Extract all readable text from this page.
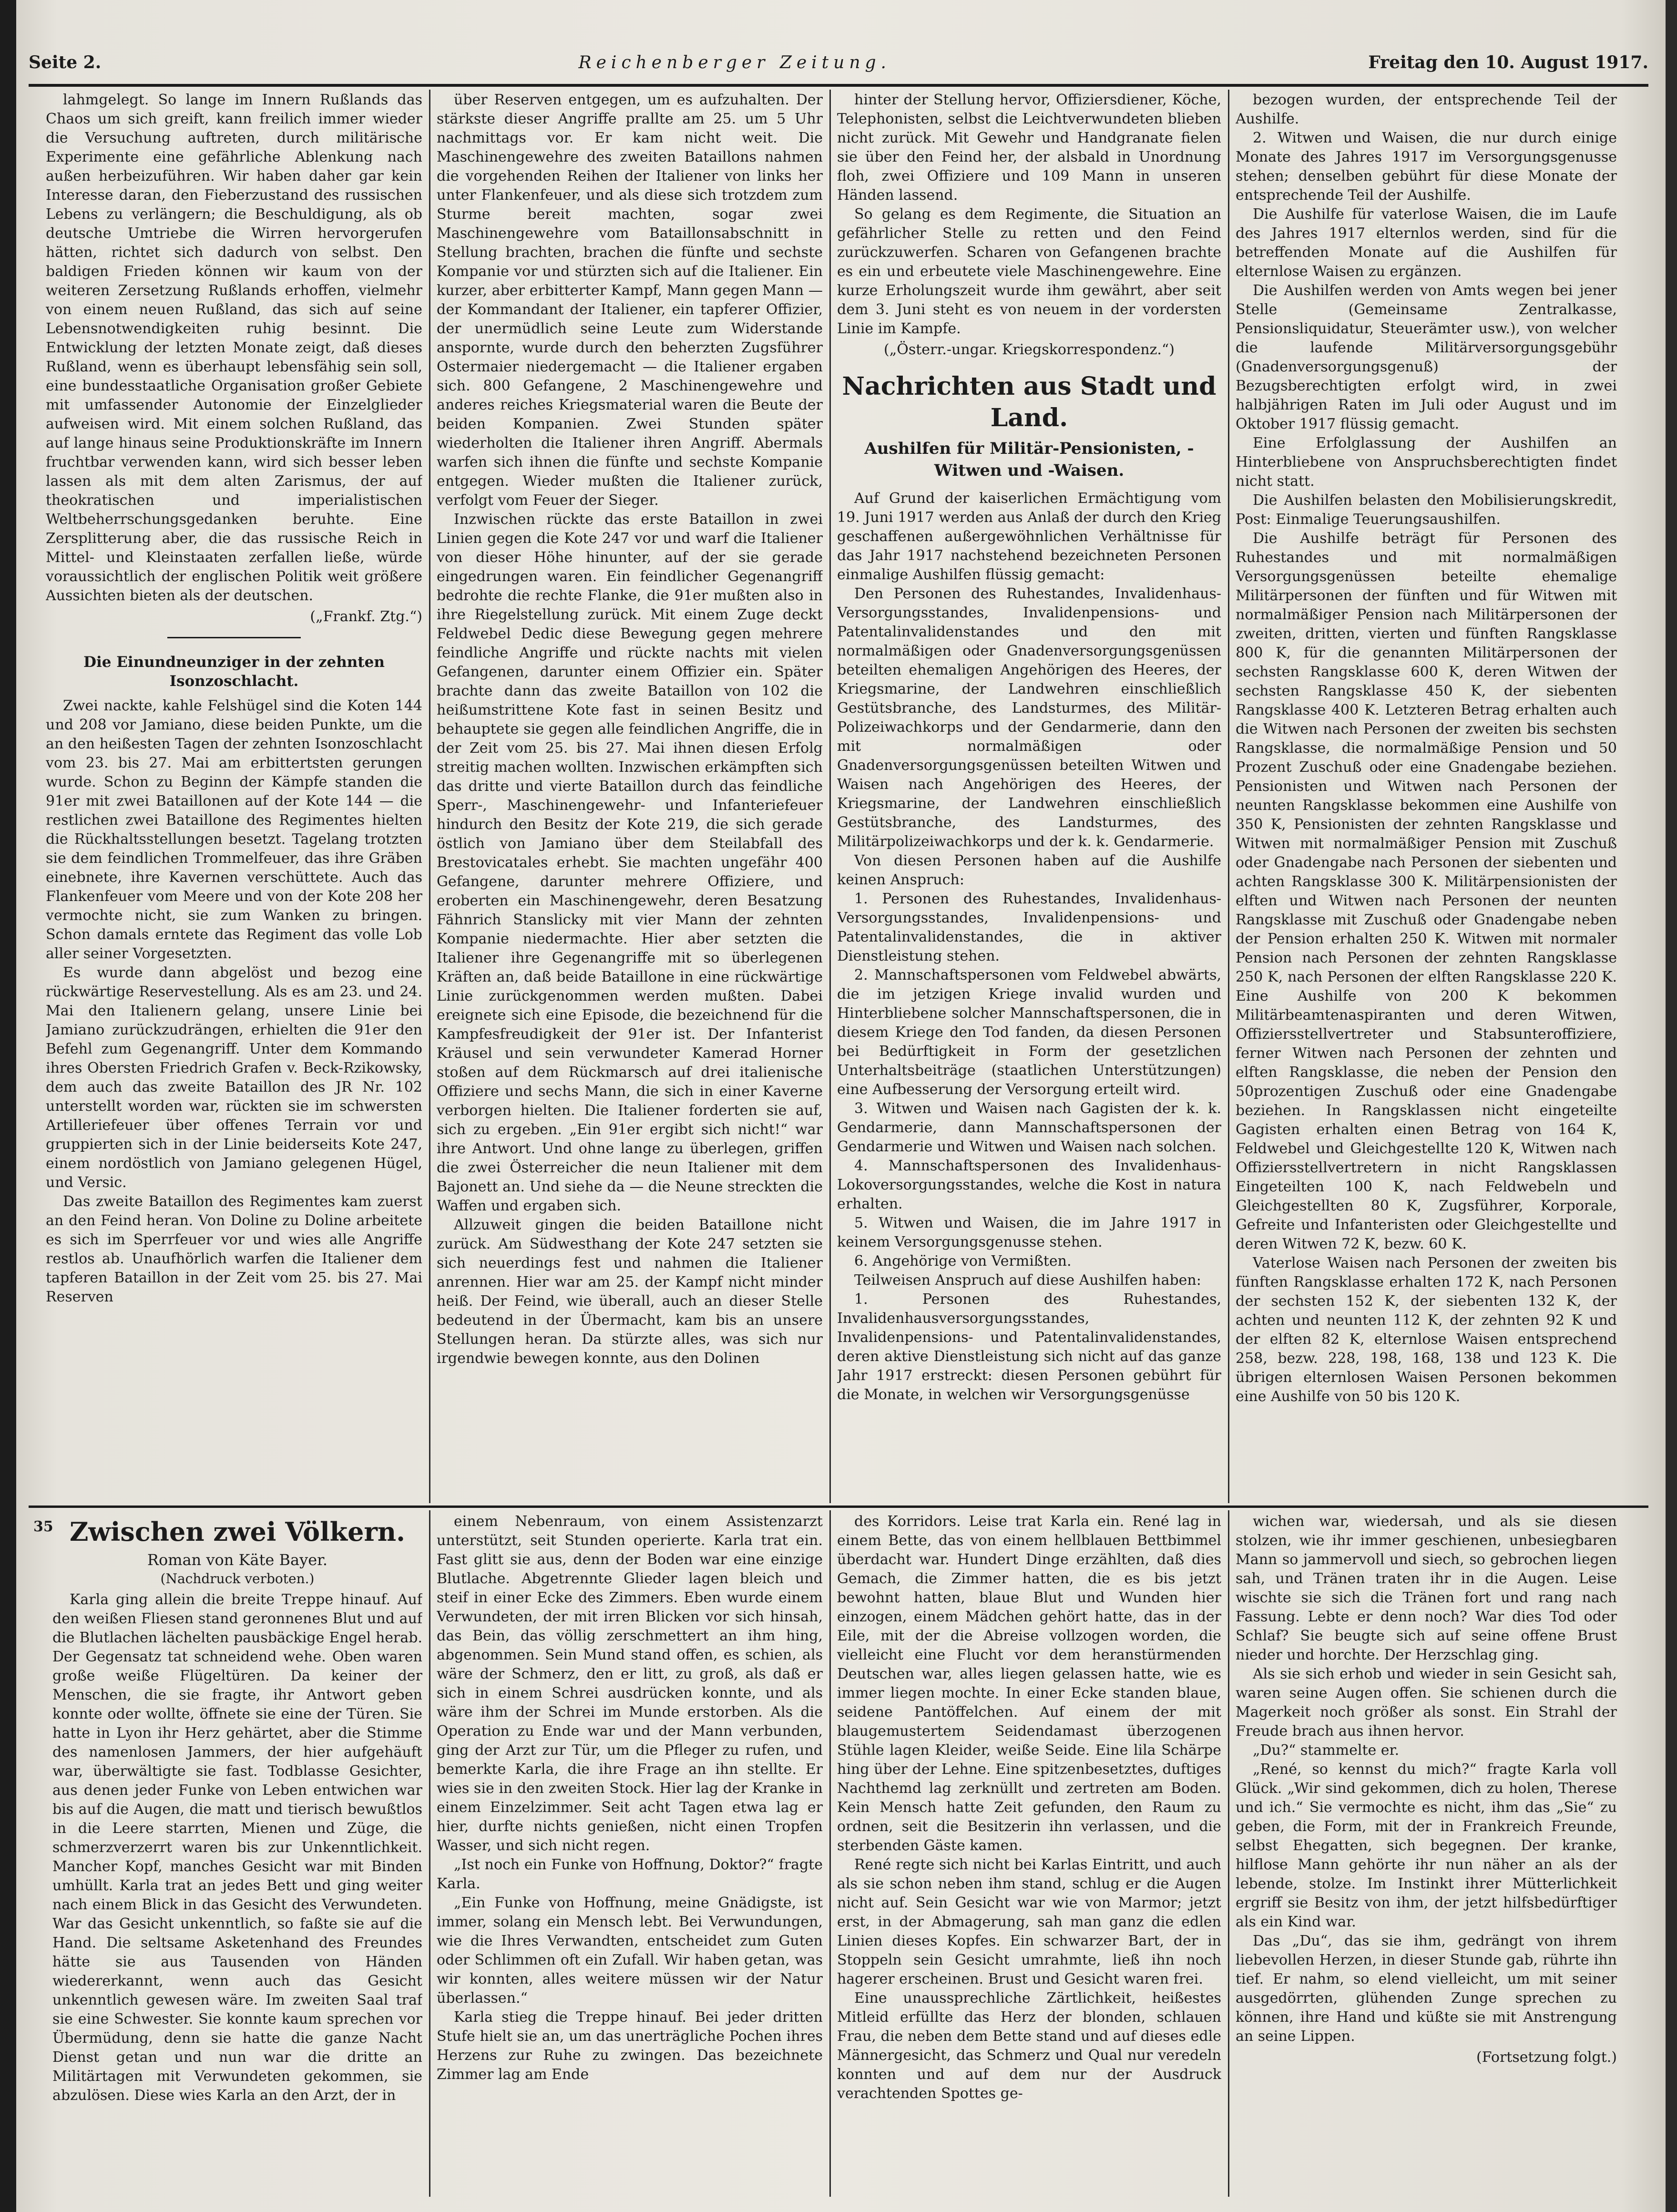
Seite 2.	Reichenberger Zeitung.	Freitag den 10. August 1917.

lahmgelegt. So lange im Innern Rußlands das Chaos um sich greift, kann freilich immer wieder die Versuchung auftreten, durch militärische Experimente eine gefährliche Ablenkung nach außen herbeizuführen. Wir haben daher gar kein Interesse daran, den Fieberzustand des russischen Lebens zu verlängern; die Beschuldigung, als ob deutsche Umtriebe die Wirren hervorgerufen hätten, richtet sich dadurch von selbst. Den baldigen Frieden können wir kaum von der weiteren Zersetzung Rußlands erhoffen, vielmehr von einem neuen Rußland, das sich auf seine Lebensnotwendigkeiten ruhig besinnt. Die Entwicklung der letzten Monate zeigt, daß dieses Rußland, wenn es überhaupt lebensfähig sein soll, eine bundesstaatliche Organisation großer Gebiete mit umfassender Autonomie der Einzelglieder aufweisen wird. Mit einem solchen Rußland, das auf lange hinaus seine Produktionskräfte im Innern fruchtbar verwenden kann, wird sich besser leben lassen als mit dem alten Zarismus, der auf theokratischen und imperialistischen Weltbeherrschungsgedanken beruhte. Eine Zersplitterung aber, die das russische Reich in Mittel- und Kleinstaaten zerfallen ließe, würde voraussichtlich der englischen Politik weit größere Aussichten bieten als der deutschen.

(„Frankf. Ztg.“)

Die Einundneunziger in der zehnten Isonzoschlacht.

Zwei nackte, kahle Felshügel sind die Koten 144 und 208 vor Jamiano, diese beiden Punkte, um die an den heißesten Tagen der zehnten Isonzoschlacht vom 23. bis 27. Mai am erbittertsten gerungen wurde. Schon zu Beginn der Kämpfe standen die 91er mit zwei Bataillonen auf der Kote 144 — die restlichen zwei Bataillone des Regimentes hielten die Rückhaltsstellungen besetzt. Tagelang trotzten sie dem feindlichen Trommelfeuer, das ihre Gräben einebnete, ihre Kavernen verschüttete. Auch das Flankenfeuer vom Meere und von der Kote 208 her vermochte nicht, sie zum Wanken zu bringen. Schon damals erntete das Regiment das volle Lob aller seiner Vorgesetzten.

Es wurde dann abgelöst und bezog eine rückwärtige Reservestellung. Als es am 23. und 24. Mai den Italienern gelang, unsere Linie bei Jamiano zurückzudrängen, erhielten die 91er den Befehl zum Gegenangriff. Unter dem Kommando ihres Obersten Friedrich Grafen v. Beck-Rzikowsky, dem auch das zweite Bataillon des JR Nr. 102 unterstellt worden war, rückten sie im schwersten Artilleriefeuer über offenes Terrain vor und gruppierten sich in der Linie beiderseits Kote 247, einem nordöstlich von Jamiano gelegenen Hügel, und Versic.

Das zweite Bataillon des Regimentes kam zuerst an den Feind heran. Von Doline zu Doline arbeitete es sich im Sperrfeuer vor und wies alle Angriffe restlos ab. Unaufhörlich warfen die Italiener dem tapferen Bataillon in der Zeit vom 25. bis 27. Mai Reserven

über Reserven entgegen, um es aufzuhalten. Der stärkste dieser Angriffe prallte am 25. um 5 Uhr nachmittags vor. Er kam nicht weit. Die Maschinengewehre des zweiten Bataillons nahmen die vorgehenden Reihen der Italiener von links her unter Flankenfeuer, und als diese sich trotzdem zum Sturme bereit machten, sogar zwei Maschinengewehre vom Bataillonsabschnitt in Stellung brachten, brachen die fünfte und sechste Kompanie vor und stürzten sich auf die Italiener. Ein kurzer, aber erbitterter Kampf, Mann gegen Mann — der Kommandant der Italiener, ein tapferer Offizier, der unermüdlich seine Leute zum Widerstande anspornte, wurde durch den beherzten Zugsführer Ostermaier niedergemacht — die Italiener ergaben sich. 800 Gefangene, 2 Maschinengewehre und anderes reiches Kriegsmaterial waren die Beute der beiden Kompanien. Zwei Stunden später wiederholten die Italiener ihren Angriff. Abermals warfen sich ihnen die fünfte und sechste Kompanie entgegen. Wieder mußten die Italiener zurück, verfolgt vom Feuer der Sieger.

Inzwischen rückte das erste Bataillon in zwei Linien gegen die Kote 247 vor und warf die Italiener von dieser Höhe hinunter, auf der sie gerade eingedrungen waren. Ein feindlicher Gegenangriff bedrohte die rechte Flanke, die 91er mußten also in ihre Riegelstellung zurück. Mit einem Zuge deckt Feldwebel Dedic diese Bewegung gegen mehrere feindliche Angriffe und rückte nachts mit vielen Gefangenen, darunter einem Offizier ein. Später brachte dann das zweite Bataillon von 102 die heißumstrittene Kote fast in seinen Besitz und behauptete sie gegen alle feindlichen Angriffe, die in der Zeit vom 25. bis 27. Mai ihnen diesen Erfolg streitig machen wollten. Inzwischen erkämpften sich das dritte und vierte Bataillon durch das feindliche Sperr-, Maschinengewehr- und Infanteriefeuer hindurch den Besitz der Kote 219, die sich gerade östlich von Jamiano über dem Steilabfall des Brestovicatales erhebt. Sie machten ungefähr 400 Gefangene, darunter mehrere Offiziere, und eroberten ein Maschinengewehr, deren Besatzung Fähnrich Stanslicky mit vier Mann der zehnten Kompanie niedermachte. Hier aber setzten die Italiener ihre Gegenangriffe mit so überlegenen Kräften an, daß beide Bataillone in eine rückwärtige Linie zurückgenommen werden mußten. Dabei ereignete sich eine Episode, die bezeichnend für die Kampfesfreudigkeit der 91er ist. Der Infanterist Kräusel und sein verwundeter Kamerad Horner stoßen auf dem Rückmarsch auf drei italienische Offiziere und sechs Mann, die sich in einer Kaverne verborgen hielten. Die Italiener forderten sie auf, sich zu ergeben. „Ein 91er ergibt sich nicht!“ war ihre Antwort. Und ohne lange zu überlegen, griffen die zwei Österreicher die neun Italiener mit dem Bajonett an. Und siehe da — die Neune streckten die Waffen und ergaben sich.

Allzuweit gingen die beiden Bataillone nicht zurück. Am Südwesthang der Kote 247 setzten sie sich neuerdings fest und nahmen die Italiener anrennen. Hier war am 25. der Kampf nicht minder heiß. Der Feind, wie überall, auch an dieser Stelle bedeutend in der Übermacht, kam bis an unsere Stellungen heran. Da stürzte alles, was sich nur irgendwie bewegen konnte, aus den Dolinen

hinter der Stellung hervor, Offiziersdiener, Köche, Telephonisten, selbst die Leichtverwundeten blieben nicht zurück. Mit Gewehr und Handgranate fielen sie über den Feind her, der alsbald in Unordnung floh, zwei Offiziere und 109 Mann in unseren Händen lassend.

So gelang es dem Regimente, die Situation an gefährlicher Stelle zu retten und den Feind zurückzuwerfen. Scharen von Gefangenen brachte es ein und erbeutete viele Maschinengewehre. Eine kurze Erholungszeit wurde ihm gewährt, aber seit dem 3. Juni steht es von neuem in der vordersten Linie im Kampfe.

(„Österr.-ungar. Kriegskorrespondenz.“)

Nachrichten aus Stadt und Land.

Aushilfen für Militär-Pensionisten, -Witwen und -Waisen.

Auf Grund der kaiserlichen Ermächtigung vom 19. Juni 1917 werden aus Anlaß der durch den Krieg geschaffenen außergewöhnlichen Verhältnisse für das Jahr 1917 nachstehend bezeichneten Personen einmalige Aushilfen flüssig gemacht:

Den Personen des Ruhestandes, Invalidenhaus-Versorgungsstandes, Invalidenpensions- und Patentalinvalidenstandes und den mit normalmäßigen oder Gnadenversorgungsgenüssen beteilten ehemaligen Angehörigen des Heeres, der Kriegsmarine, der Landwehren einschließlich Gestütsbranche, des Landsturmes, des Militär-Polizeiwachkorps und der Gendarmerie, dann den mit normalmäßigen oder Gnadenversorgungsgenüssen beteilten Witwen und Waisen nach Angehörigen des Heeres, der Kriegsmarine, der Landwehren einschließlich Gestütsbranche, des Landsturmes, des Militärpolizeiwachkorps und der k. k. Gendarmerie.

Von diesen Personen haben auf die Aushilfe keinen Anspruch:

1. Personen des Ruhestandes, Invalidenhaus-Versorgungsstandes, Invalidenpensions- und Patentalinvalidenstandes, die in aktiver Dienstleistung stehen.

2. Mannschaftspersonen vom Feldwebel abwärts, die im jetzigen Kriege invalid wurden und Hinterbliebene solcher Mannschaftspersonen, die in diesem Kriege den Tod fanden, da diesen Personen bei Bedürftigkeit in Form der gesetzlichen Unterhaltsbeiträge (staatlichen Unterstützungen) eine Aufbesserung der Versorgung erteilt wird.

3. Witwen und Waisen nach Gagisten der k. k. Gendarmerie, dann Mannschaftspersonen der Gendarmerie und Witwen und Waisen nach solchen.

4. Mannschaftspersonen des Invalidenhaus-Lokoversorgungsstandes, welche die Kost in natura erhalten.

5. Witwen und Waisen, die im Jahre 1917 in keinem Versorgungsgenusse stehen.

6. Angehörige von Vermißten.

Teilweisen Anspruch auf diese Aushilfen haben:

1. Personen des Ruhestandes, Invalidenhausversorgungsstandes, Invalidenpensions- und Patentalinvalidenstandes, deren aktive Dienstleistung sich nicht auf das ganze Jahr 1917 erstreckt: diesen Personen gebührt für die Monate, in welchen wir Versorgungsgenüsse

bezogen wurden, der entsprechende Teil der Aushilfe.

2. Witwen und Waisen, die nur durch einige Monate des Jahres 1917 im Versorgungsgenusse stehen; denselben gebührt für diese Monate der entsprechende Teil der Aushilfe.

Die Aushilfe für vaterlose Waisen, die im Laufe des Jahres 1917 elternlos werden, sind für die betreffenden Monate auf die Aushilfen für elternlose Waisen zu ergänzen.

Die Aushilfen werden von Amts wegen bei jener Stelle (Gemeinsame Zentralkasse, Pensionsliquidatur, Steuerämter usw.), von welcher die laufende Militärversorgungsgebühr (Gnadenversorgungsgenuß) der Bezugsberechtigten erfolgt wird, in zwei halbjährigen Raten im Juli oder August und im Oktober 1917 flüssig gemacht.

Eine Erfolglassung der Aushilfen an Hinterbliebene von Anspruchsberechtigten findet nicht statt.

Die Aushilfen belasten den Mobilisierungskredit, Post: Einmalige Teuerungsaushilfen.

Die Aushilfe beträgt für Personen des Ruhestandes und mit normalmäßigen Versorgungsgenüssen beteilte ehemalige Militärpersonen der fünften und für Witwen mit normalmäßiger Pension nach Militärpersonen der zweiten, dritten, vierten und fünften Rangsklasse 800 K, für die genannten Militärpersonen der sechsten Rangsklasse 600 K, deren Witwen der sechsten Rangsklasse 450 K, der siebenten Rangsklasse 400 K. Letzteren Betrag erhalten auch die Witwen nach Personen der zweiten bis sechsten Rangsklasse, die normalmäßige Pension und 50 Prozent Zuschuß oder eine Gnadengabe beziehen. Pensionisten und Witwen nach Personen der neunten Rangsklasse bekommen eine Aushilfe von 350 K, Pensionisten der zehnten Rangsklasse und Witwen mit normalmäßiger Pension mit Zuschuß oder Gnadengabe nach Personen der siebenten und achten Rangsklasse 300 K. Militärpensionisten der elften und Witwen nach Personen der neunten Rangsklasse mit Zuschuß oder Gnadengabe neben der Pension erhalten 250 K. Witwen mit normaler Pension nach Personen der zehnten Rangsklasse 250 K, nach Personen der elften Rangsklasse 220 K. Eine Aushilfe von 200 K bekommen Militärbeamtenaspiranten und deren Witwen, Offiziersstellvertreter und Stabsunteroffiziere, ferner Witwen nach Personen der zehnten und elften Rangsklasse, die neben der Pension den 50prozentigen Zuschuß oder eine Gnadengabe beziehen. In Rangsklassen nicht eingeteilte Gagisten erhalten einen Betrag von 164 K, Feldwebel und Gleichgestellte 120 K, Witwen nach Offiziersstellvertretern in nicht Rangsklassen Eingeteilten 100 K, nach Feldwebeln und Gleichgestellten 80 K, Zugsführer, Korporale, Gefreite und Infanteristen oder Gleichgestellte und deren Witwen 72 K, bezw. 60 K.

Vaterlose Waisen nach Personen der zweiten bis fünften Rangsklasse erhalten 172 K, nach Personen der sechsten 152 K, der siebenten 132 K, der achten und neunten 112 K, der zehnten 92 K und der elften 82 K, elternlose Waisen entsprechend 258, bezw. 228, 198, 168, 138 und 123 K. Die übrigen elternlosen Waisen Personen bekommen eine Aushilfe von 50 bis 120 K.

35 Zwischen zwei Völkern.

Roman von Käte Bayer.

(Nachdruck verboten.)

Karla ging allein die breite Treppe hinauf. Auf den weißen Fliesen stand geronnenes Blut und auf die Blutlachen lächelten pausbäckige Engel herab. Der Gegensatz tat schneidend wehe. Oben waren große weiße Flügeltüren. Da keiner der Menschen, die sie fragte, ihr Antwort geben konnte oder wollte, öffnete sie eine der Türen. Sie hatte in Lyon ihr Herz gehärtet, aber die Stimme des namenlosen Jammers, der hier aufgehäuft war, überwältigte sie fast. Todblasse Gesichter, aus denen jeder Funke von Leben entwichen war bis auf die Augen, die matt und tierisch bewußtlos in die Leere starrten, Mienen und Züge, die schmerzverzerrt waren bis zur Unkenntlichkeit. Mancher Kopf, manches Gesicht war mit Binden umhüllt. Karla trat an jedes Bett und ging weiter nach einem Blick in das Gesicht des Verwundeten. War das Gesicht unkenntlich, so faßte sie auf die Hand. Die seltsame Asketenhand des Freundes hätte sie aus Tausenden von Händen wiedererkannt, wenn auch das Gesicht unkenntlich gewesen wäre. Im zweiten Saal traf sie eine Schwester. Sie konnte kaum sprechen vor Übermüdung, denn sie hatte die ganze Nacht Dienst getan und nun war die dritte an Militärtagen mit Verwundeten gekommen, sie abzulösen. Diese wies Karla an den Arzt, der in

einem Nebenraum, von einem Assistenzarzt unterstützt, seit Stunden operierte. Karla trat ein. Fast glitt sie aus, denn der Boden war eine einzige Blutlache. Abgetrennte Glieder lagen bleich und steif in einer Ecke des Zimmers. Eben wurde einem Verwundeten, der mit irren Blicken vor sich hinsah, das Bein, das völlig zerschmettert an ihm hing, abgenommen. Sein Mund stand offen, es schien, als wäre der Schmerz, den er litt, zu groß, als daß er sich in einem Schrei ausdrücken konnte, und als wäre ihm der Schrei im Munde erstorben. Als die Operation zu Ende war und der Mann verbunden, ging der Arzt zur Tür, um die Pfleger zu rufen, und bemerkte Karla, die ihre Frage an ihn stellte. Er wies sie in den zweiten Stock. Hier lag der Kranke in einem Einzelzimmer. Seit acht Tagen etwa lag er hier, durfte nichts genießen, nicht einen Tropfen Wasser, und sich nicht regen.

„Ist noch ein Funke von Hoffnung, Doktor?“ fragte Karla.

„Ein Funke von Hoffnung, meine Gnädigste, ist immer, solang ein Mensch lebt. Bei Verwundungen, wie die Ihres Verwandten, entscheidet zum Guten oder Schlimmen oft ein Zufall. Wir haben getan, was wir konnten, alles weitere müssen wir der Natur überlassen.“

Karla stieg die Treppe hinauf. Bei jeder dritten Stufe hielt sie an, um das unerträgliche Pochen ihres Herzens zur Ruhe zu zwingen. Das bezeichnete Zimmer lag am Ende

des Korridors. Leise trat Karla ein. René lag in einem Bette, das von einem hellblauen Bettbimmel überdacht war. Hundert Dinge erzählten, daß dies Gemach, die Zimmer hatten, die es bis jetzt bewohnt hatten, blaue Blut und Wunden hier einzogen, einem Mädchen gehört hatte, das in der Eile, mit der die Abreise vollzogen worden, die vielleicht eine Flucht vor dem heranstürmenden Deutschen war, alles liegen gelassen hatte, wie es immer liegen mochte. In einer Ecke standen blaue, seidene Pantöffelchen. Auf einem der mit blaugemustertem Seidendamast überzogenen Stühle lagen Kleider, weiße Seide. Eine lila Schärpe hing über der Lehne. Eine spitzenbesetztes, duftiges Nachthemd lag zerknüllt und zertreten am Boden. Kein Mensch hatte Zeit gefunden, den Raum zu ordnen, seit die Besitzerin ihn verlassen, und die sterbenden Gäste kamen.

René regte sich nicht bei Karlas Eintritt, und auch als sie schon neben ihm stand, schlug er die Augen nicht auf. Sein Gesicht war wie von Marmor; jetzt erst, in der Abmagerung, sah man ganz die edlen Linien dieses Kopfes. Ein schwarzer Bart, der in Stoppeln sein Gesicht umrahmte, ließ ihn noch hagerer erscheinen. Brust und Gesicht waren frei.

Eine unaussprechliche Zärtlichkeit, heißestes Mitleid erfüllte das Herz der blonden, schlauen Frau, die neben dem Bette stand und auf dieses edle Männergesicht, das Schmerz und Qual nur veredeln konnten und auf dem nur der Ausdruck verachtenden Spottes ge-

wichen war, wiedersah, und als sie diesen stolzen, wie ihr immer geschienen, unbesiegbaren Mann so jammervoll und siech, so gebrochen liegen sah, und Tränen traten ihr in die Augen. Leise wischte sie sich die Tränen fort und rang nach Fassung. Lebte er denn noch? War dies Tod oder Schlaf? Sie beugte sich auf seine offene Brust nieder und horchte. Der Herzschlag ging.

Als sie sich erhob und wieder in sein Gesicht sah, waren seine Augen offen. Sie schienen durch die Magerkeit noch größer als sonst. Ein Strahl der Freude brach aus ihnen hervor.

„Du?“ stammelte er.

„René, so kennst du mich?“ fragte Karla voll Glück. „Wir sind gekommen, dich zu holen, Therese und ich.“ Sie vermochte es nicht, ihm das „Sie“ zu geben, die Form, mit der in Frankreich Freunde, selbst Ehegatten, sich begegnen. Der kranke, hilflose Mann gehörte ihr nun näher an als der lebende, stolze. Im Instinkt ihrer Mütterlichkeit ergriff sie Besitz von ihm, der jetzt hilfsbedürftiger als ein Kind war.

Das „Du“, das sie ihm, gedrängt von ihrem liebevollen Herzen, in dieser Stunde gab, rührte ihn tief. Er nahm, so elend vielleicht, um mit seiner ausgedörrten, glühenden Zunge sprechen zu können, ihre Hand und küßte sie mit Anstrengung an seine Lippen.

(Fortsetzung folgt.)
